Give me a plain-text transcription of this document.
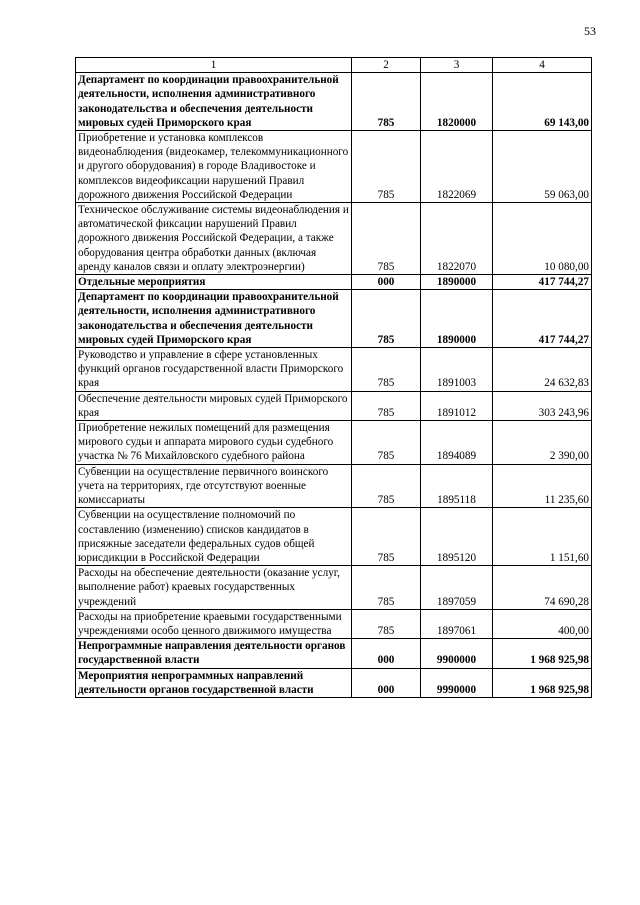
53
1	2	3	4
Департамент по координации правоохранительной деятельности, исполнения административного законодательства и обеспечения деятельности мировых судей Приморского края	785	1820000	69 143,00
Приобретение и установка комплексов видеонаблюдения (видеокамер, телекоммуникационного и другого оборудования) в городе Владивостоке и комплексов видеофиксации нарушений Правил дорожного движения Российской Федерации	785	1822069	59 063,00
Техническое обслуживание системы видеонаблюдения и автоматической фиксации нарушений Правил дорожного движения Российской Федерации, а также оборудования центра обработки данных (включая аренду каналов связи и оплату электроэнергии)	785	1822070	10 080,00
Отдельные мероприятия	000	1890000	417 744,27
Департамент по координации правоохранительной деятельности, исполнения административного законодательства и обеспечения деятельности мировых судей Приморского края	785	1890000	417 744,27
Руководство и управление в сфере установленных функций органов государственной власти Приморского края	785	1891003	24 632,83
Обеспечение деятельности мировых судей Приморского края	785	1891012	303 243,96
Приобретение нежилых помещений для размещения мирового судьи и аппарата мирового судьи судебного участка № 76 Михайловского судебного района	785	1894089	2 390,00
Субвенции на осуществление первичного воинского учета на территориях, где отсутствуют военные комиссариаты	785	1895118	11 235,60
Субвенции на осуществление полномочий по составлению (изменению) списков кандидатов в присяжные заседатели федеральных судов общей юрисдикции в Российской Федерации	785	1895120	1 151,60
Расходы на обеспечение деятельности (оказание услуг, выполнение работ) краевых государственных учреждений	785	1897059	74 690,28
Расходы на приобретение краевыми государственными учреждениями особо ценного движимого имущества	785	1897061	400,00
Непрограммные направления деятельности органов государственной власти	000	9900000	1 968 925,98
Мероприятия непрограммных направлений деятельности органов государственной власти	000	9990000	1 968 925,98
